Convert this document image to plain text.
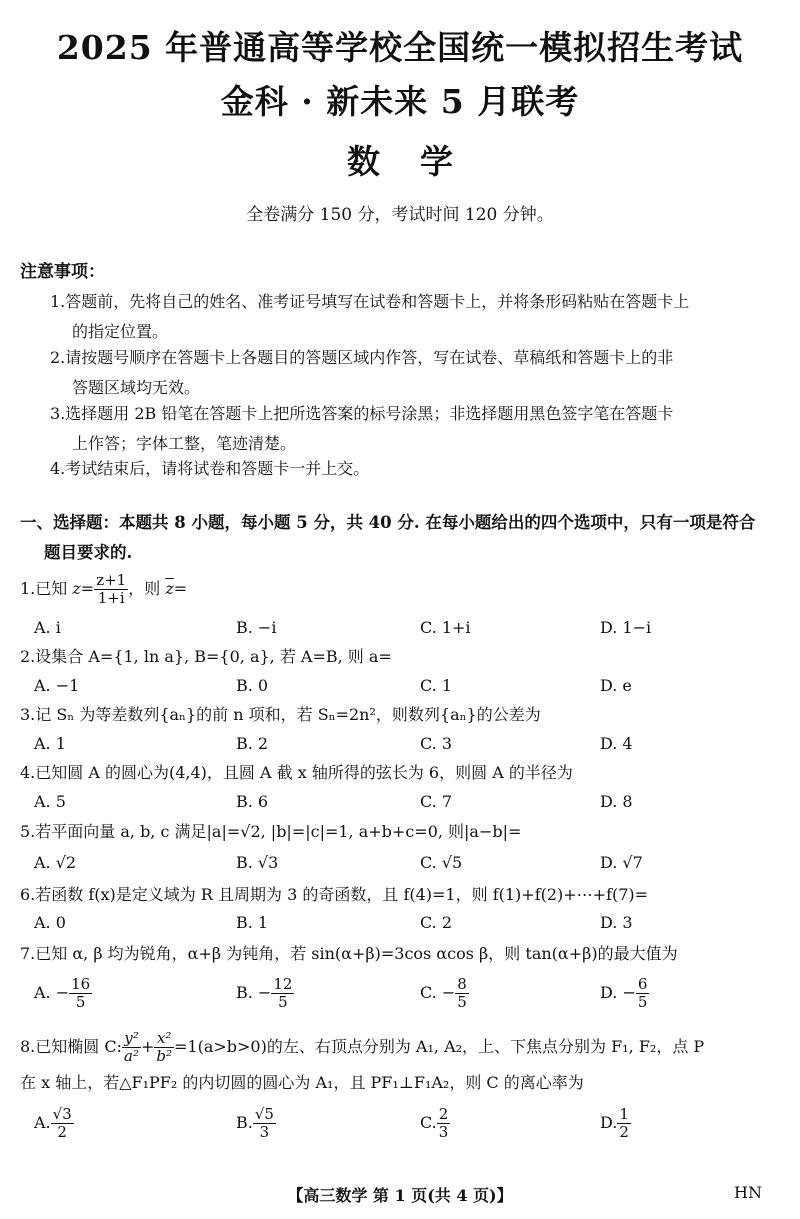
2025 年普通高等学校全国统一模拟招生考试
金科 · 新未来 5 月联考
数学
全卷满分 150 分，考试时间 120 分钟。
注意事项：
1.答题前，先将自己的姓名、准考证号填写在试卷和答题卡上，并将条形码粘贴在答题卡上
的指定位置。
2.请按题号顺序在答题卡上各题目的答题区域内作答，写在试卷、草稿纸和答题卡上的非
答题区域均无效。
3.选择题用 2B 铅笔在答题卡上把所选答案的标号涂黑；非选择题用黑色签字笔在答题卡
上作答；字体工整，笔迹清楚。
4.考试结束后，请将试卷和答题卡一并上交。
一、选择题：本题共 8 小题，每小题 5 分，共 40 分. 在每小题给出的四个选项中，只有一项是符合
题目要求的.
1.已知 $z= \frac{z+1}{1+i}$ ，则 $\overline{z}=$
A. i	B. −i	C. 1+i	D. 1−i
2.设集合 A={1, ln a}, B={0, a}, 若 A=B, 则 a=
A. −1	B. 0	C. 1	D. e
3.记 Sₙ 为等差数列{aₙ}的前 n 项和，若 Sₙ=2n²，则数列{aₙ}的公差为
A. 1	B. 2	C. 3	D. 4
4.已知圆 A 的圆心为(4,4)，且圆 A 截 x 轴所得的弦长为 6，则圆 A 的半径为
A. 5	B. 6	C. 7	D. 8
5.若平面向量 a, b, c 满足|a|=√2, |b|=|c|=1, a+b+c=0, 则|a−b|=
A. √2	B. √3	C. √5	D. √7
6.若函数 f(x)是定义域为 R 且周期为 3 的奇函数，且 f(4)=1，则 f(1)+f(2)+⋯+f(7)=
A. 0	B. 1	C. 2	D. 3
7.已知 α, β 均为锐角，α+β 为钝角，若 sin(α+β)=3cos αcos β，则 tan(α+β)的最大值为
A. − $\frac{16}{5}$	B. − $\frac{12}{5}$	C. − $\frac{8}{5}$	D. − $\frac{6}{5}$
8.已知椭圆 C: $\frac{\text{y²}}{\text{a²}} + \frac{\text{x²}}{\text{b²}} =1(a>b>0)$的左、右顶点分别为 A₁, A₂，上、下焦点分别为 F₁, F₂，点 P
在 x 轴上，若△F₁PF₂ 的内切圆的圆心为 A₁，且 PF₁⊥F₁A₂，则 C 的离心率为
A. $\frac{√3}{2}$	B. $\frac{√5}{3}$	C. $\frac{2}{3}$	D. $\frac{1}{2}$
【高三数学 第 1 页(共 4 页)】	HN
